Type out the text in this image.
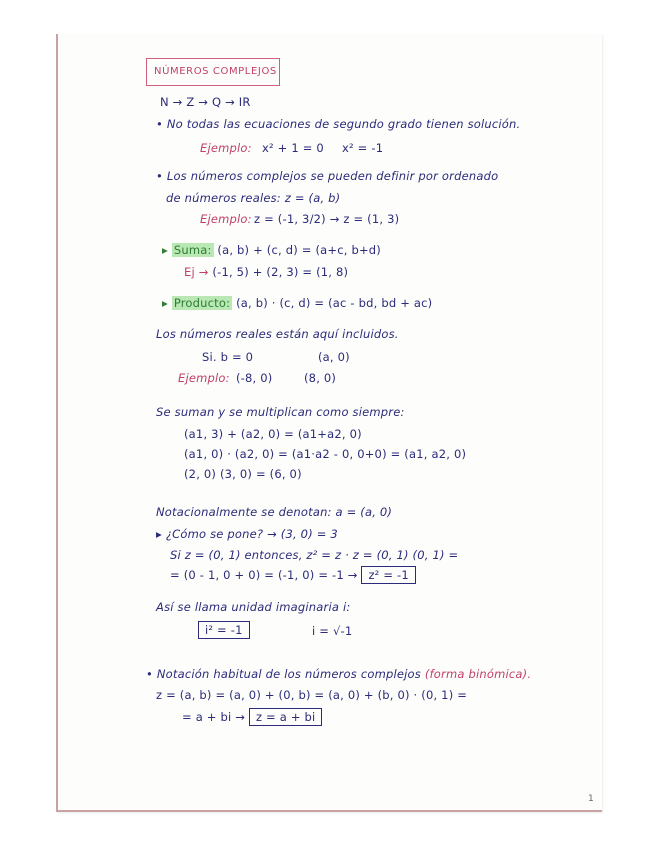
NÚMEROS COMPLEJOS
N → Z → Q → IR
• No todas las ecuaciones de segundo grado tienen solución.
Ejemplo: x² + 1 = 0 x² = -1
• Los números complejos se pueden definir por ordenado
de números reales: z = (a, b)
Ejemplo: z = (-1, 3/2) → z = (1, 3)
▸ Suma: (a, b) + (c, d) = (a+c, b+d)
Ej → (-1, 5) + (2, 3) = (1, 8)
▸ Producto: (a, b) · (c, d) = (ac - bd, bd + ac)
Los números reales están aquí incluidos.
Si. b = 0	(a, 0)
Ejemplo: (-8, 0)	(8, 0)
Se suman y se multiplican como siempre:
(a1, 3) + (a2, 0) = (a1+a2, 0)
(a1, 0) · (a2, 0) = (a1·a2 - 0, 0+0) = (a1, a2, 0)
(2, 0) (3, 0) = (6, 0)
Notacionalmente se denotan: a = (a, 0)
▸ ¿Cómo se pone? → (3, 0) = 3
Si z = (0, 1) entonces, z² = z · z = (0, 1) (0, 1) =
= (0 - 1, 0 + 0) = (-1, 0) = -1 → z² = -1
Así se llama unidad imaginaria i:
i² = -1	i = √-1
• Notación habitual de los números complejos (forma binómica).
z = (a, b) = (a, 0) + (0, b) = (a, 0) + (b, 0) · (0, 1) =
= a + bi → z = a + bi
1
